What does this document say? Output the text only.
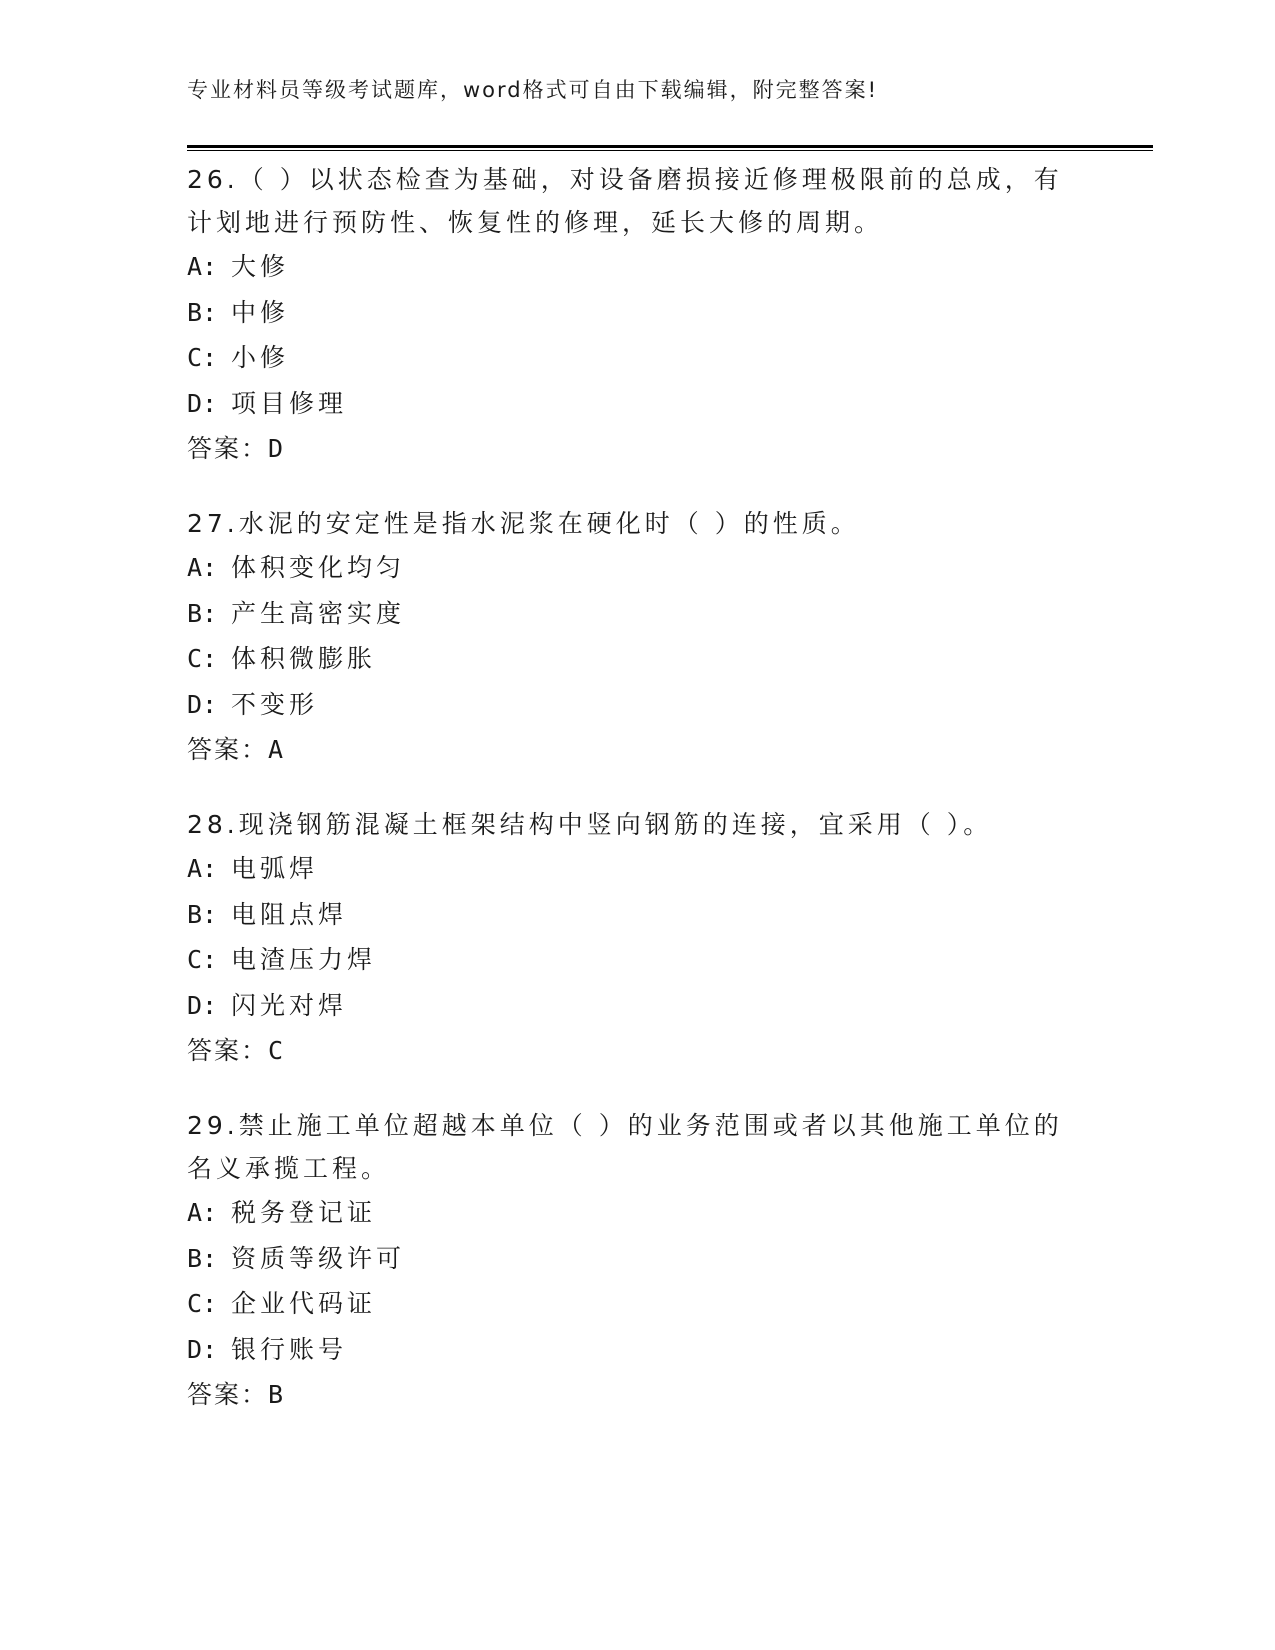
专业材料员等级考试题库，word格式可自由下载编辑，附完整答案!
26.（ ）以状态检查为基础，对设备磨损接近修理极限前的总成，有计划地进行预防性、恢复性的修理，延长大修的周期。
A: 大修
B: 中修
C: 小修
D: 项目修理
答案：D
27.水泥的安定性是指水泥浆在硬化时（ ）的性质。
A: 体积变化均匀
B: 产生高密实度
C: 体积微膨胀
D: 不变形
答案：A
28.现浇钢筋混凝土框架结构中竖向钢筋的连接，宜采用（ ）。
A: 电弧焊
B: 电阻点焊
C: 电渣压力焊
D: 闪光对焊
答案：C
29.禁止施工单位超越本单位（ ）的业务范围或者以其他施工单位的名义承揽工程。
A: 税务登记证
B: 资质等级许可
C: 企业代码证
D: 银行账号
答案：B
